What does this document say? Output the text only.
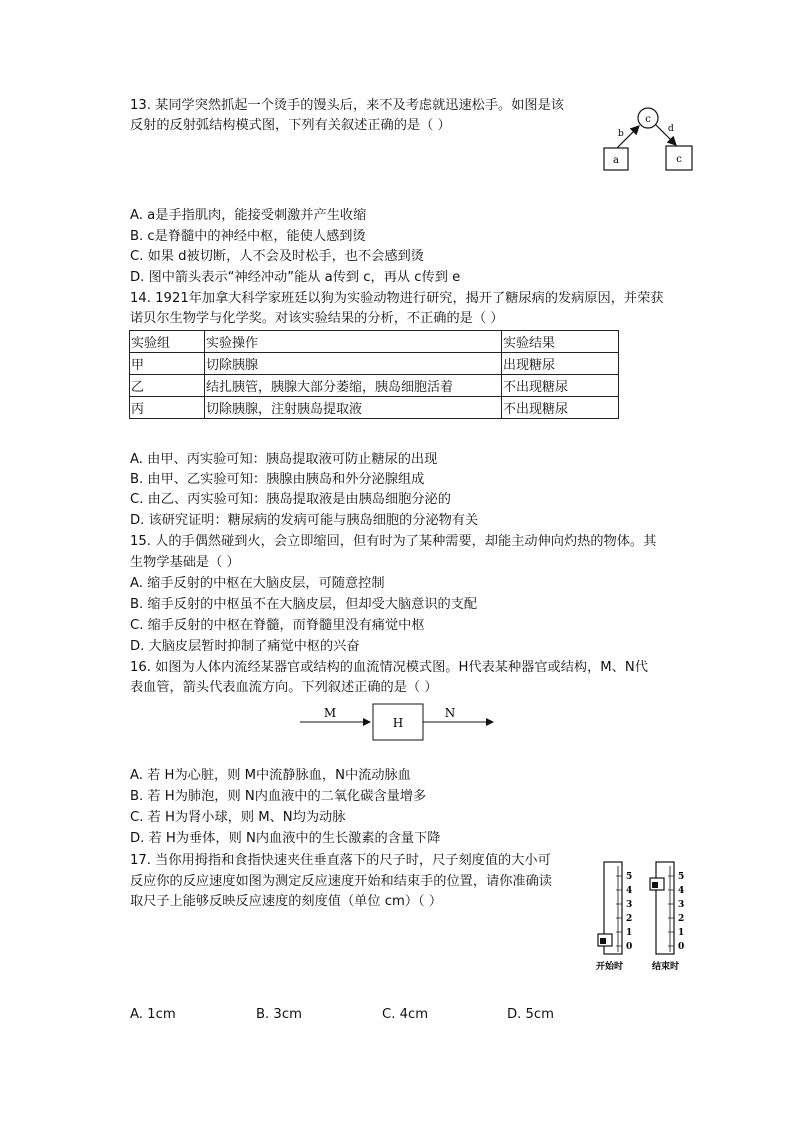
13. 某同学突然抓起一个烫手的馒头后，来不及考虑就迅速松手。如图是该
反射的反射弧结构模式图，下列有关叙述正确的是（ ）	c
a	c
b	d
A. a是手指肌肉，能接受刺激并产生收缩
B. c是脊髓中的神经中枢，能使人感到烫
C. 如果 d被切断，人不会及时松手，也不会感到烫
D. 图中箭头表示“神经冲动”能从 a传到 c，再从 c传到 e
14. 1921年加拿大科学家班廷以狗为实验动物进行研究，揭开了糖尿病的发病原因，并荣获
诺贝尔生物学与化学奖。对该实验结果的分析，不正确的是（ ）
实验组	实验操作	实验结果
甲	切除胰腺	出现糖尿
乙	结扎胰管，胰腺大部分萎缩，胰岛细胞活着	不出现糖尿
丙	切除胰腺，注射胰岛提取液	不出现糖尿
A. 由甲、丙实验可知：胰岛提取液可防止糖尿的出现
B. 由甲、乙实验可知：胰腺由胰岛和外分泌腺组成
C. 由乙、丙实验可知：胰岛提取液是由胰岛细胞分泌的
D. 该研究证明：糖尿病的发病可能与胰岛细胞的分泌物有关
15. 人的手偶然碰到火，会立即缩回，但有时为了某种需要，却能主动伸向灼热的物体。其
生物学基础是（ ）
A. 缩手反射的中枢在大脑皮层，可随意控制
B. 缩手反射的中枢虽不在大脑皮层，但却受大脑意识的支配
C. 缩手反射的中枢在脊髓，而脊髓里没有痛觉中枢
D. 大脑皮层暂时抑制了痛觉中枢的兴奋
16. 如图为人体内流经某器官或结构的血流情况模式图。H代表某种器官或结构，M、N代
表血管，箭头代表血流方向。下列叙述正确的是（ ）
M
H
N
A. 若 H为心脏，则 M中流静脉血，N中流动脉血
B. 若 H为肺泡，则 N内血液中的二氧化碳含量增多
C. 若 H为肾小球，则 M、N均为动脉
D. 若 H为垂体，则 N内血液中的生长激素的含量下降
17. 当你用拇指和食指快速夹住垂直落下的尺子时，尺子刻度值的大小可
反应你的反应速度如图为测定反应速度开始和结束手的位置，请你准确读
取尺子上能够反映反应速度的刻度值（单位 cm）（ ）
5
4
3
2
1
0
5
4
3
2
1
0
开始时	结束时
A. 1cm	B. 3cm	C. 4cm	D. 5cm
